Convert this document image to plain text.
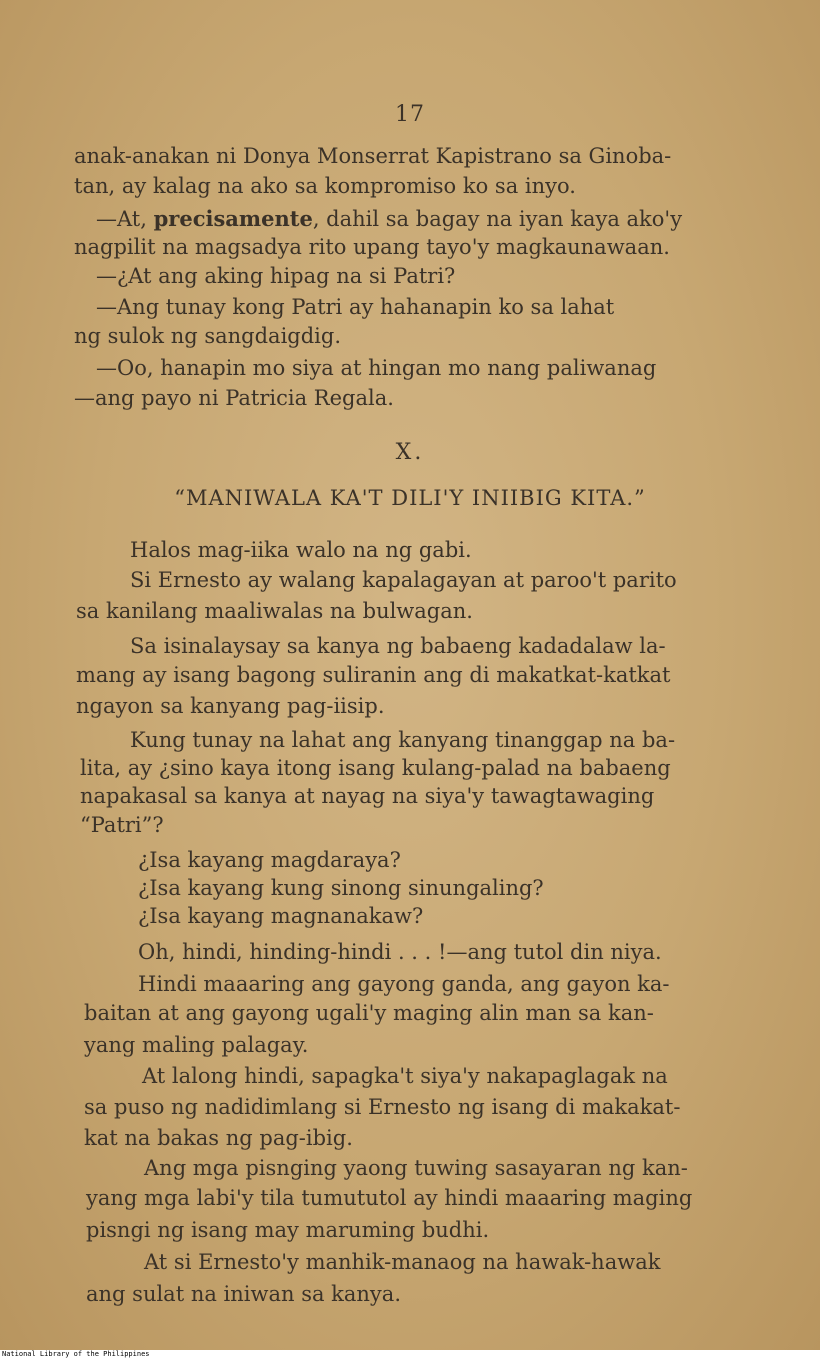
17
anak-anakan ni Donya Monserrat Kapistrano sa Ginoba-
tan, ay kalag na ako sa kompromiso ko sa inyo.
—At, precisamente, dahil sa bagay na iyan kaya ako'y
nagpilit na magsadya rito upang tayo'y magkaunawaan.
—¿At ang aking hipag na si Patri?
—Ang tunay kong Patri ay hahanapin ko sa lahat
ng sulok ng sangdaigdig.
—Oo, hanapin mo siya at hingan mo nang paliwanag
—ang payo ni Patricia Regala.
X.
“MANIWALA KA'T DILI'Y INIIBIG KITA.”
Halos mag-iika walo na ng gabi.
Si Ernesto ay walang kapalagayan at paroo't parito
sa kanilang maaliwalas na bulwagan.
Sa isinalaysay sa kanya ng babaeng kadadalaw la-
mang ay isang bagong suliranin ang di makatkat-katkat
ngayon sa kanyang pag-iisip.
Kung tunay na lahat ang kanyang tinanggap na ba-
lita, ay ¿sino kaya itong isang kulang-palad na babaeng
napakasal sa kanya at nayag na siya'y tawagtawaging
“Patri”?
¿Isa kayang magdaraya?
¿Isa kayang kung sinong sinungaling?
¿Isa kayang magnanakaw?
Oh, hindi, hinding-hindi . . . !—ang tutol din niya.
Hindi maaaring ang gayong ganda, ang gayon ka-
baitan at ang gayong ugali'y maging alin man sa kan-
yang maling palagay.
At lalong hindi, sapagka't siya'y nakapaglagak na
sa puso ng nadidimlang si Ernesto ng isang di makakat-
kat na bakas ng pag-ibig.
Ang mga pisnging yaong tuwing sasayaran ng kan-
yang mga labi'y tila tumututol ay hindi maaaring maging
pisngi ng isang may maruming budhi.
At si Ernesto'y manhik-manaog na hawak-hawak
ang sulat na iniwan sa kanya.
National Library of the Philippines
